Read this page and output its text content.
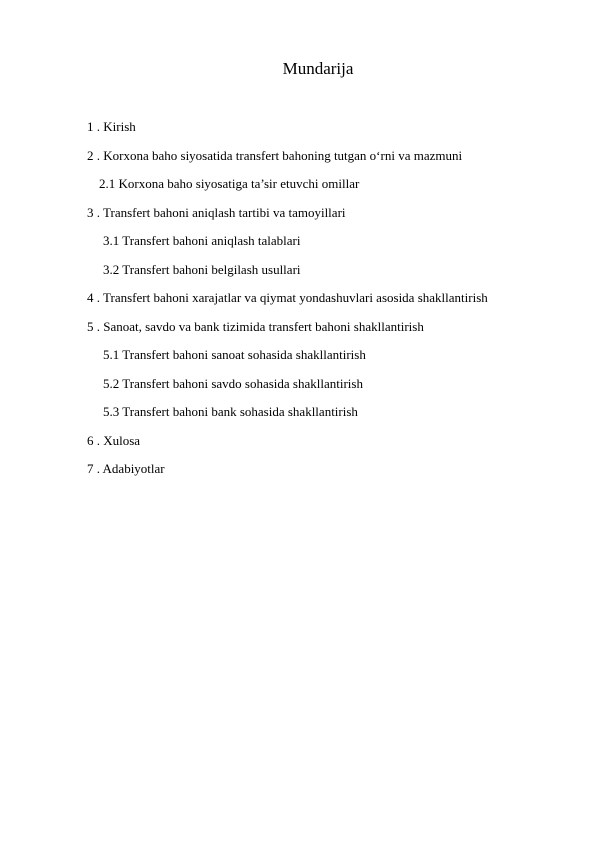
Mundarija
1 . Kirish
2 . Korxona baho siyosatida transfert bahoning tutgan o‘rni va mazmuni
2.1 Korxona baho siyosatiga ta’sir etuvchi omillar
3 . Transfert bahoni aniqlash tartibi va tamoyillari
3.1 Transfert bahoni aniqlash talablari
3.2 Transfert bahoni belgilash usullari
4 . Transfert bahoni xarajatlar va qiymat yondashuvlari asosida shakllantirish
5 . Sanoat, savdo va bank tizimida transfert bahoni shakllantirish
5.1 Transfert bahoni sanoat sohasida shakllantirish
5.2 Transfert bahoni savdo sohasida shakllantirish
5.3 Transfert bahoni bank sohasida shakllantirish
6 . Xulosa
7 . Adabiyotlar
